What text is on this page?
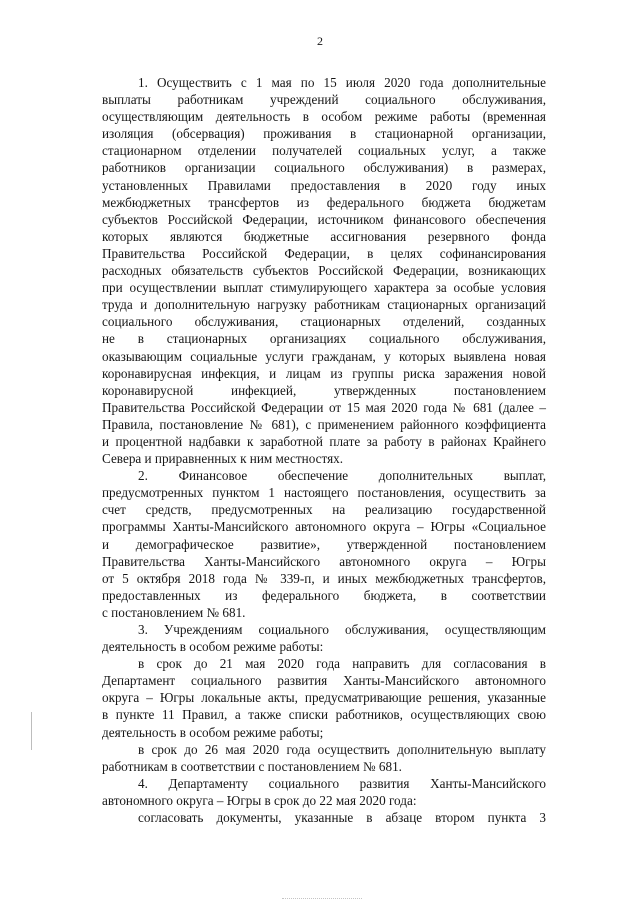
2
1. Осуществить с 1 мая по 15 июля 2020 года дополнительные
выплаты работникам учреждений социального обслуживания,
осуществляющим деятельность в особом режиме работы (временная
изоляция (обсервация) проживания в стационарной организации,
стационарном отделении получателей социальных услуг, а также
работников организации социального обслуживания) в размерах,
установленных Правилами предоставления в 2020 году иных
межбюджетных трансфертов из федерального бюджета бюджетам
субъектов Российской Федерации, источником финансового обеспечения
которых являются бюджетные ассигнования резервного фонда
Правительства Российской Федерации, в целях софинансирования
расходных обязательств субъектов Российской Федерации, возникающих
при осуществлении выплат стимулирующего характера за особые условия
труда и дополнительную нагрузку работникам стационарных организаций
социального обслуживания, стационарных отделений, созданных
не в стационарных организациях социального обслуживания,
оказывающим социальные услуги гражданам, у которых выявлена новая
коронавирусная инфекция, и лицам из группы риска заражения новой
коронавирусной инфекцией, утвержденных постановлением
Правительства Российской Федерации от 15 мая 2020 года № 681 (далее –
Правила, постановление № 681), с применением районного коэффициента
и процентной надбавки к заработной плате за работу в районах Крайнего
Севера и приравненных к ним местностях.
2. Финансовое обеспечение дополнительных выплат,
предусмотренных пунктом 1 настоящего постановления, осуществить за
счет средств, предусмотренных на реализацию государственной
программы Ханты-Мансийского автономного округа – Югры «Социальное
и демографическое развитие», утвержденной постановлением
Правительства Ханты-Мансийского автономного округа – Югры
от 5 октября 2018 года № 339-п, и иных межбюджетных трансфертов,
предоставленных из федерального бюджета, в соответствии
с постановлением № 681.
3. Учреждениям социального обслуживания, осуществляющим
деятельность в особом режиме работы:
в срок до 21 мая 2020 года направить для согласования в
Департамент социального развития Ханты-Мансийского автономного
округа – Югры локальные акты, предусматривающие решения, указанные
в пункте 11 Правил, а также списки работников, осуществляющих свою
деятельность в особом режиме работы;
в срок до 26 мая 2020 года осуществить дополнительную выплату
работникам в соответствии с постановлением № 681.
4. Департаменту социального развития Ханты-Мансийского
автономного округа – Югры в срок до 22 мая 2020 года:
согласовать документы, указанные в абзаце втором пункта 3
